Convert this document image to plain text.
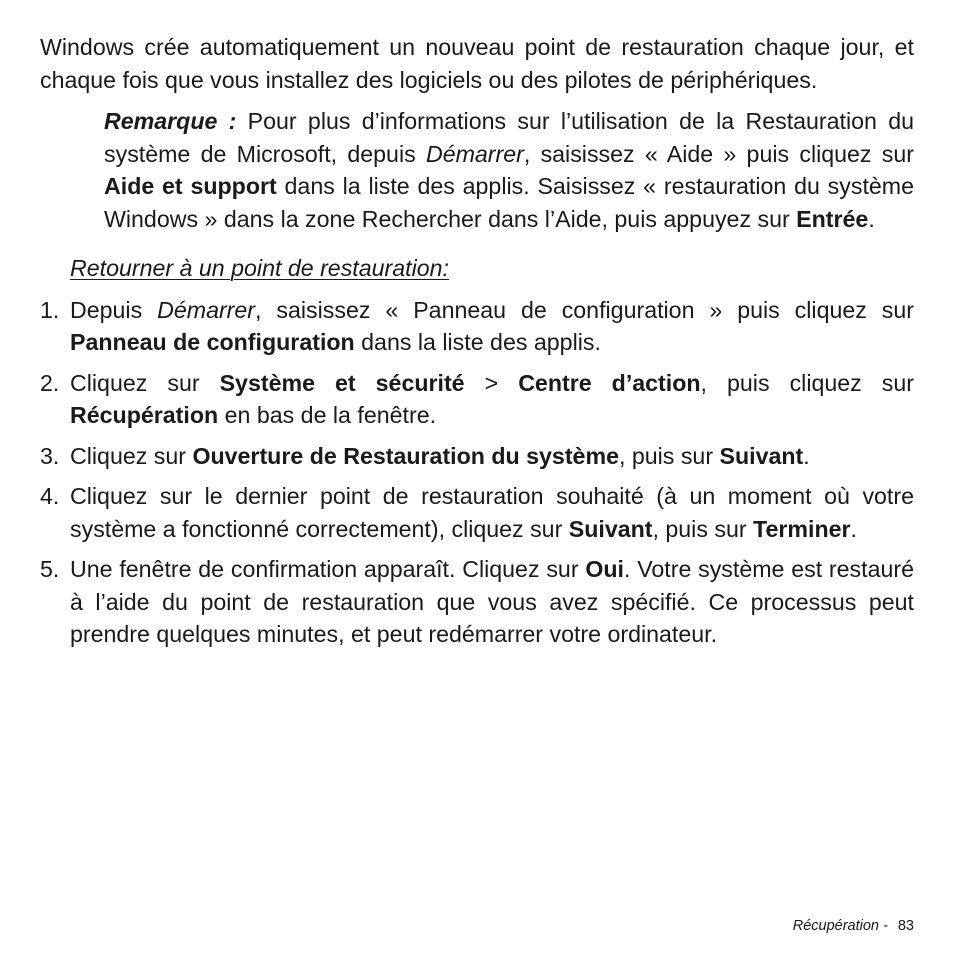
Windows crée automatiquement un nouveau point de restauration chaque jour, et chaque fois que vous installez des logiciels ou des pilotes de périphériques.

Remarque : Pour plus d’informations sur l’utilisation de la Restauration du système de Microsoft, depuis Démarrer, saisissez « Aide » puis cliquez sur Aide et support dans la liste des applis. Saisissez « restauration du système Windows » dans la zone Rechercher dans l’Aide, puis appuyez sur Entrée.

Retourner à un point de restauration:

1. Depuis Démarrer, saisissez « Panneau de configuration » puis cliquez sur Panneau de configuration dans la liste des applis.
2. Cliquez sur Système et sécurité > Centre d’action, puis cliquez sur Récupération en bas de la fenêtre.
3. Cliquez sur Ouverture de Restauration du système, puis sur Suivant.
4. Cliquez sur le dernier point de restauration souhaité (à un moment où votre système a fonctionné correctement), cliquez sur Suivant, puis sur Terminer.
5. Une fenêtre de confirmation apparaît. Cliquez sur Oui. Votre système est restauré à l’aide du point de restauration que vous avez spécifié. Ce processus peut prendre quelques minutes, et peut redémarrer votre ordinateur.
Récupération - 83
